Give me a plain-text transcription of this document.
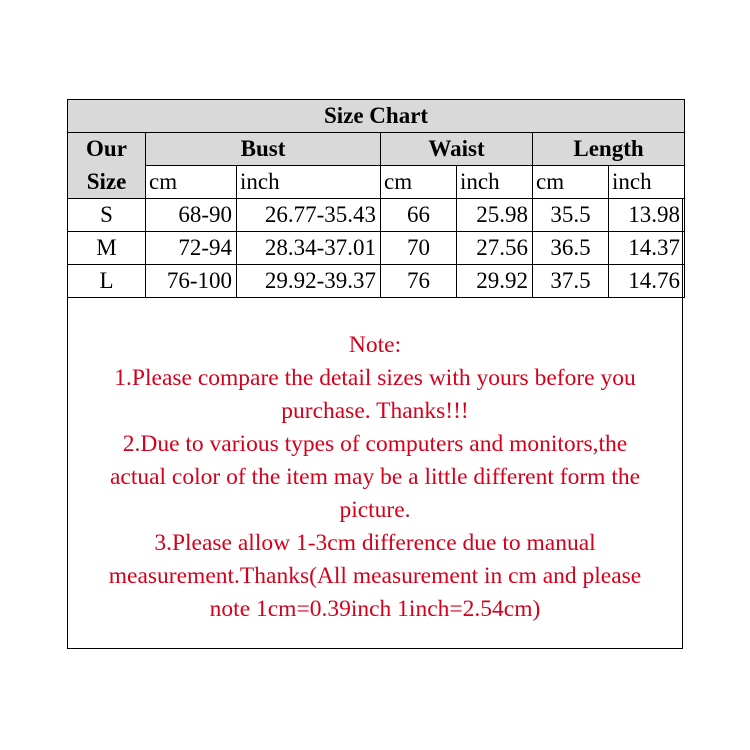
Size Chart						
Our	Bust		Waist		Length	
Size	cm	inch	cm	inch	cm	inch
S	68-90	26.77-35.43	66	25.98	35.5	13.98
M	72-94	28.34-37.01	70	27.56	36.5	14.37
L	76-100	29.92-39.37	76	29.92	37.5	14.76
Note:
1.Please compare the detail sizes with yours before you
purchase. Thanks!!!
2.Due to various types of computers and monitors,the
actual color of the item may be a little different form the
picture.
3.Please allow 1-3cm difference due to manual
measurement.Thanks(All measurement in cm and please
note 1cm=0.39inch 1inch=2.54cm)
